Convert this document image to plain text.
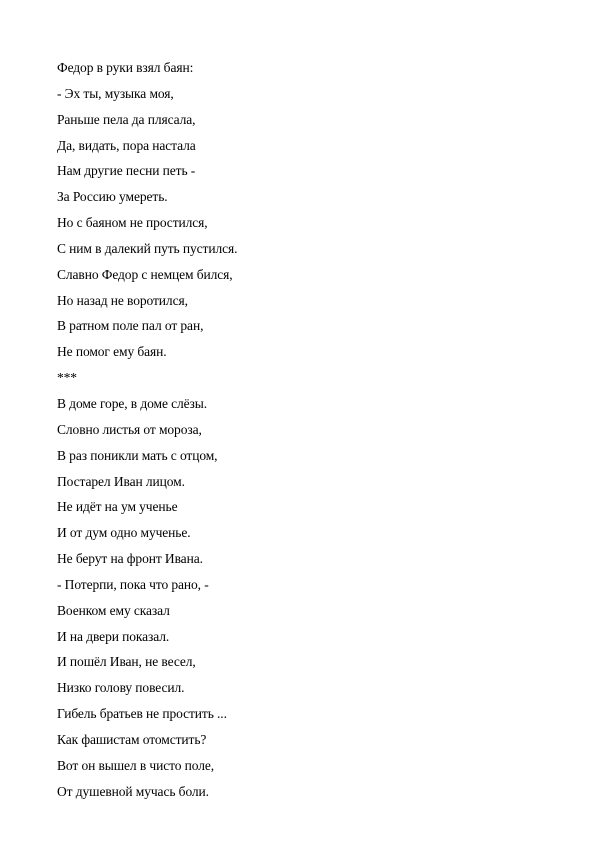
Федор в руки взял баян:
- Эх ты, музыка моя,
Раньше пела да плясала,
Да, видать, пора настала
Нам другие песни петь -
За Россию умереть.
Но с баяном не простился,
С ним в далекий путь пустился.
Славно Федор с немцем бился,
Но назад не воротился,
В ратном поле пал от ран,
Не помог ему баян.
***
В доме горе, в доме слёзы.
Словно листья от мороза,
В раз поникли мать с отцом,
Постарел Иван лицом.
Не идёт на ум ученье
И от дум одно мученье.
Не берут на фронт Ивана.
- Потерпи, пока что рано, -
Военком ему сказал
И на двери показал.
И пошёл Иван, не весел,
Низко голову повесил.
Гибель братьев не простить ...
Как фашистам отомстить?
Вот он вышел в чисто поле,
От душевной мучась боли.
